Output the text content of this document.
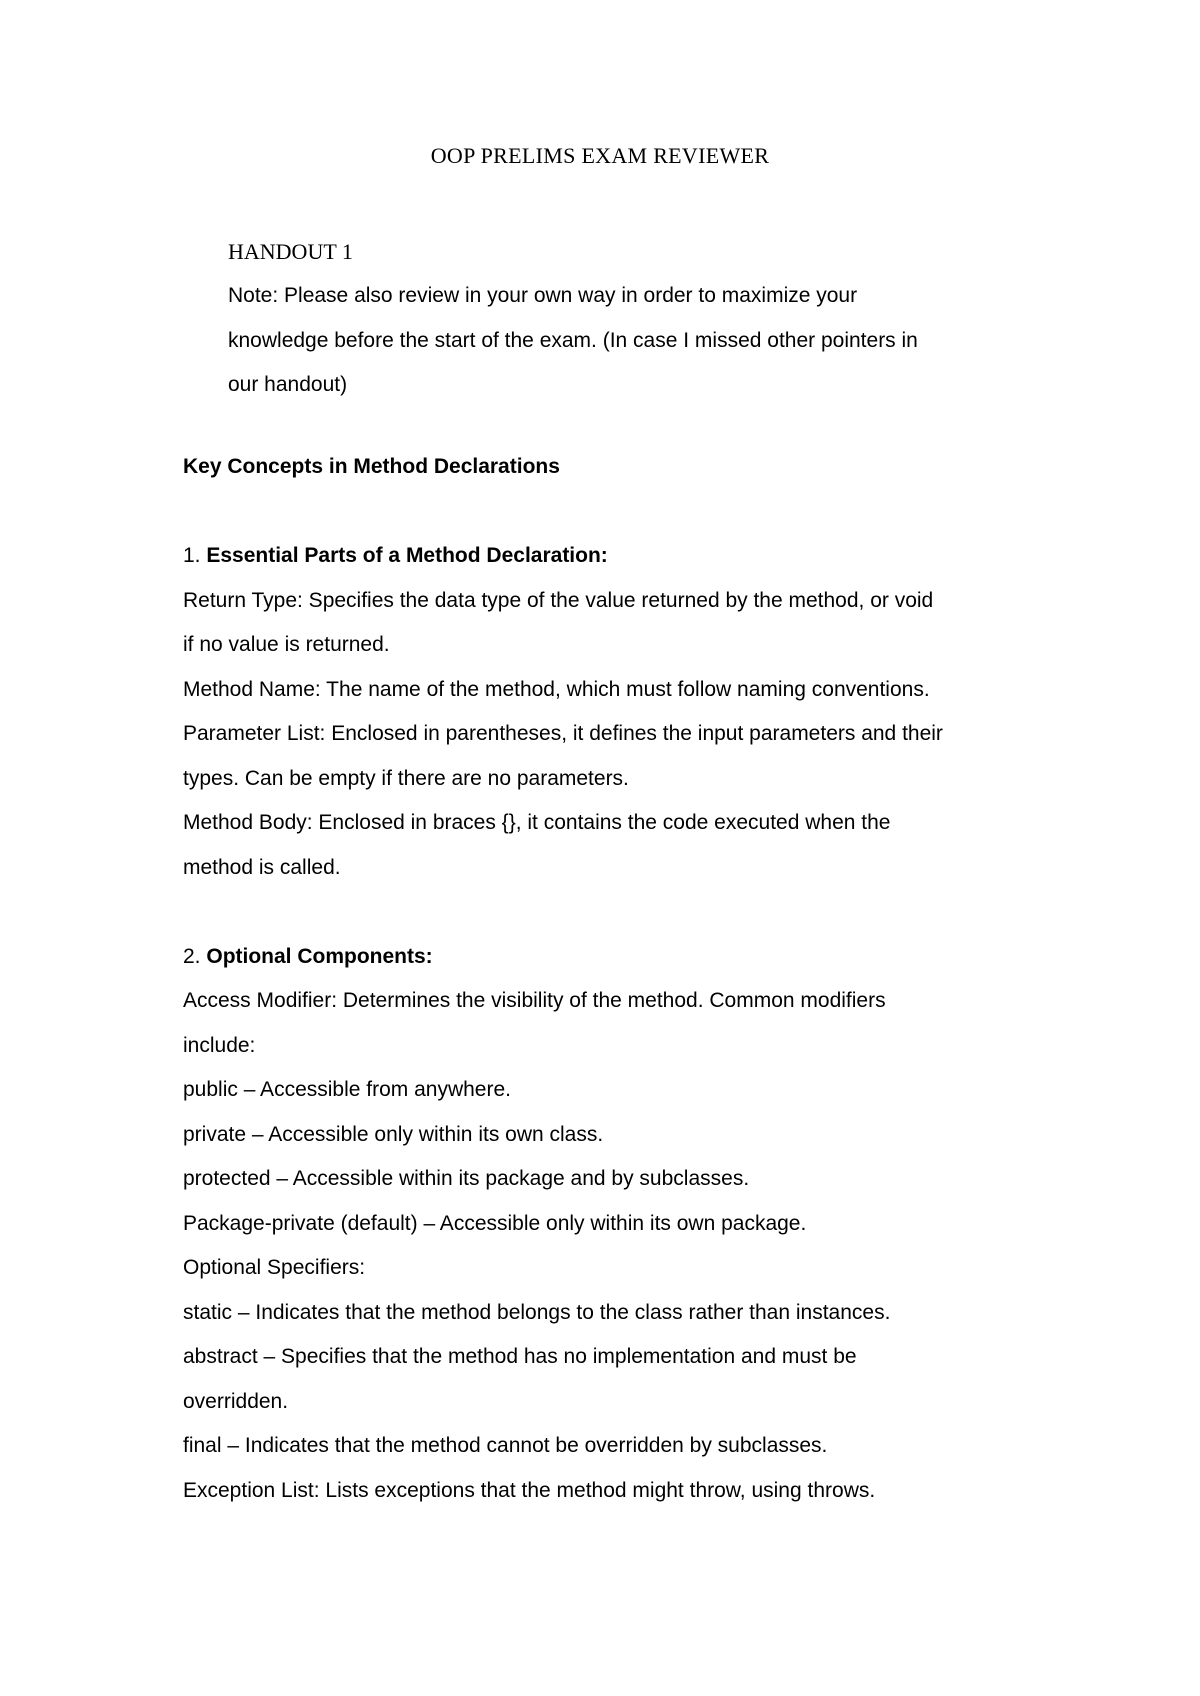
OOP PRELIMS EXAM REVIEWER
HANDOUT 1

Note: Please also review in your own way in order to maximize your

knowledge before the start of the exam. (In case I missed other pointers in

our handout)

Key Concepts in Method Declarations
1. Essential Parts of a Method Declaration:
Return Type: Specifies the data type of the value returned by the method, or void
if no value is returned.
Method Name: The name of the method, which must follow naming conventions.
Parameter List: Enclosed in parentheses, it defines the input parameters and their
types. Can be empty if there are no parameters.
Method Body: Enclosed in braces {}, it contains the code executed when the
method is called.
2. Optional Components:
Access Modifier: Determines the visibility of the method. Common modifiers
include:
public – Accessible from anywhere.
private – Accessible only within its own class.
protected – Accessible within its package and by subclasses.
Package-private (default) – Accessible only within its own package.
Optional Specifiers:
static – Indicates that the method belongs to the class rather than instances.
abstract – Specifies that the method has no implementation and must be
overridden.
final – Indicates that the method cannot be overridden by subclasses.
Exception List: Lists exceptions that the method might throw, using throws.
